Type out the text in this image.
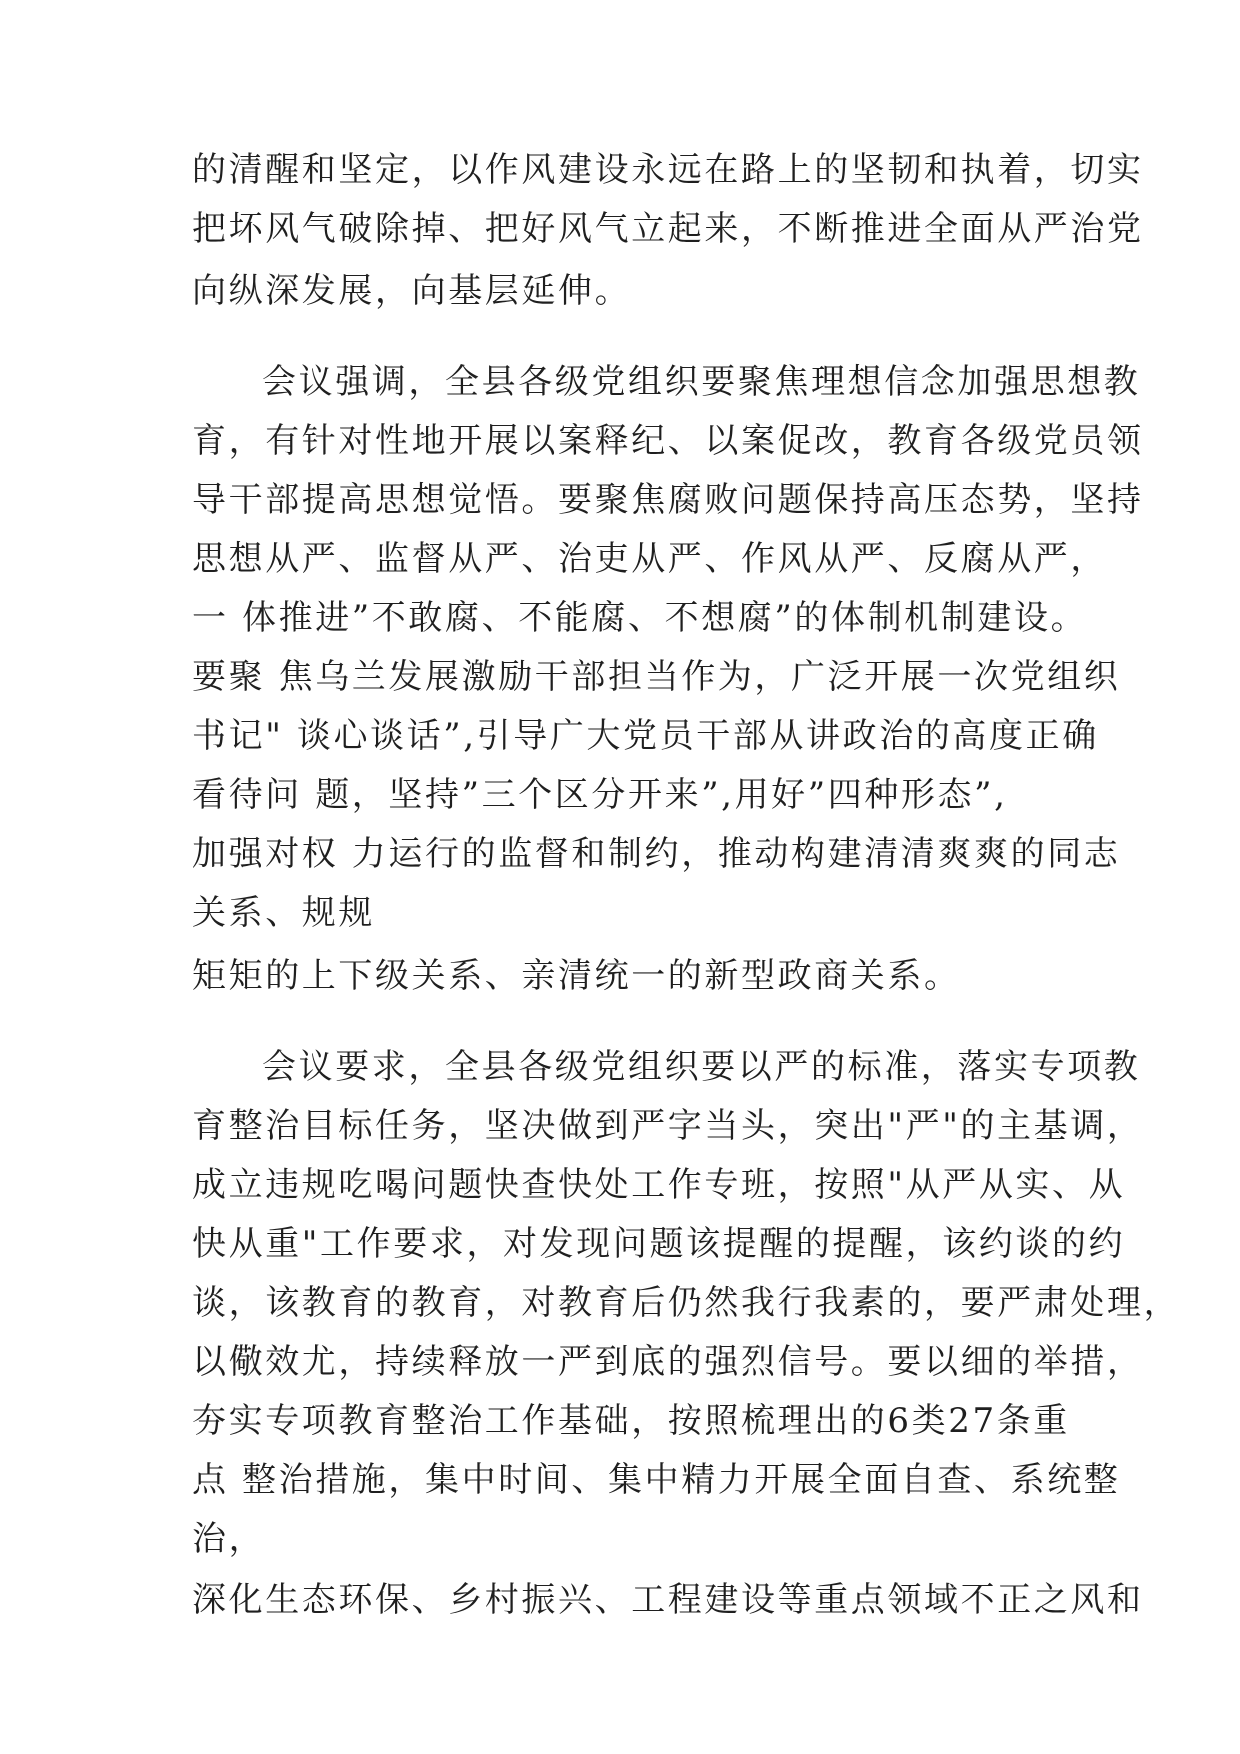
的清醒和坚定，以作风建设永远在路上的坚韧和执着，切实
把坏风气破除掉、把好风气立起来，不断推进全面从严治党
向纵深发展，向基层延伸。
会议强调，全县各级党组织要聚焦理想信念加强思想教
育，有针对性地开展以案释纪、以案促改，教育各级党员领
导干部提高思想觉悟。要聚焦腐败问题保持高压态势，坚持
思想从严、监督从严、治吏从严、作风从严、反腐从严，
一 体推进”不敢腐、不能腐、不想腐”的体制机制建设。
要聚 焦乌兰发展激励干部担当作为，广泛开展一次党组织
书记" 谈心谈话”,引导广大党员干部从讲政治的高度正确
看待问 题，坚持”三个区分开来”,用好”四种形态”,
加强对权 力运行的监督和制约，推动构建清清爽爽的同志
关系、规规
矩矩的上下级关系、亲清统一的新型政商关系。
会议要求，全县各级党组织要以严的标准，落实专项教
育整治目标任务，坚决做到严字当头，突出"严"的主基调，
成立违规吃喝问题快查快处工作专班，按照"从严从实、从
快从重"工作要求，对发现问题该提醒的提醒，该约谈的约
谈，该教育的教育，对教育后仍然我行我素的，要严肃处理，
以儆效尤，持续释放一严到底的强烈信号。要以细的举措，
夯实专项教育整治工作基础，按照梳理出的6类27条重
点 整治措施，集中时间、集中精力开展全面自查、系统整
治，
深化生态环保、乡村振兴、工程建设等重点领域不正之风和
